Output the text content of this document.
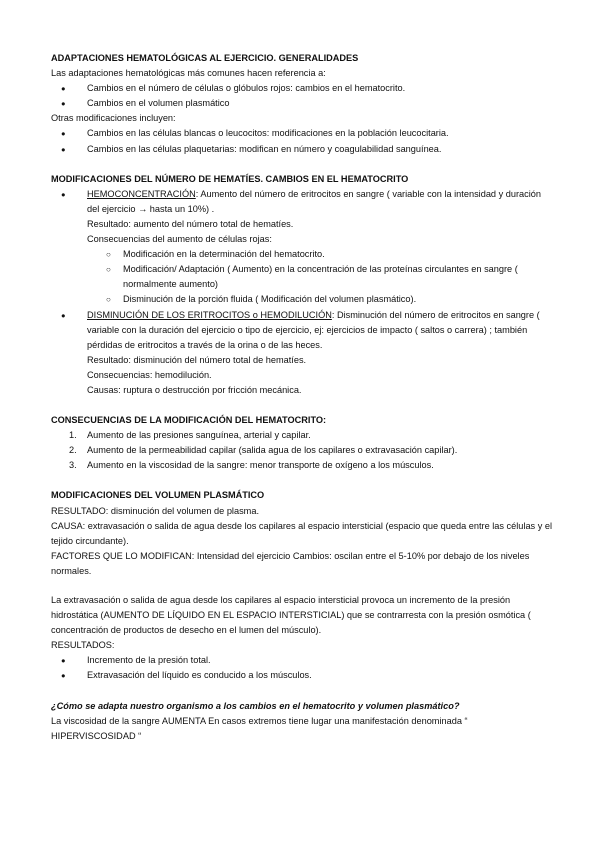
ADAPTACIONES HEMATOLÓGICAS AL EJERCICIO. GENERALIDADES

Las adaptaciones hematológicas más comunes hacen referencia a:

● Cambios en el número de células o glóbulos rojos: cambios en el hematocrito.
● Cambios en el volumen plasmático

Otras modificaciones incluyen:

● Cambios en las células blancas o leucocitos: modificaciones en la población leucocitaria.
● Cambios en las células plaquetarias: modifican en número y coagulabilidad sanguínea.

MODIFICACIONES DEL NÚMERO DE HEMATÍES. CAMBIOS EN EL HEMATOCRITO

● HEMOCONCENTRACIÓN: Aumento del número de eritrocitos en sangre ( variable con la intensidad y duración del ejercicio → hasta un 10%) .
Resultado: aumento del número total de hematíes.
Consecuencias del aumento de células rojas:
○ Modificación en la determinación del hematocrito.
○ Modificación/ Adaptación ( Aumento) en la concentración de las proteínas circulantes en sangre ( normalmente aumento)
○ Disminución de la porción fluida ( Modificación del volumen plasmático).
● DISMINUCIÓN DE LOS ERITROCITOS o HEMODILUCIÓN: Disminución del número de eritrocitos en sangre ( variable con la duración del ejercicio o tipo de ejercicio, ej: ejercicios de impacto ( saltos o carrera) ; también pérdidas de eritrocitos a través de la orina o de las heces.
Resultado: disminución del número total de hematíes.
Consecuencias: hemodilución.
Causas: ruptura o destrucción por fricción mecánica.

CONSECUENCIAS DE LA MODIFICACIÓN DEL HEMATOCRITO:

1. Aumento de las presiones sanguínea, arterial y capilar.
2. Aumento de la permeabilidad capilar (salida agua de los capilares o extravasación capilar).
3. Aumento en la viscosidad de la sangre: menor transporte de oxígeno a los músculos.

MODIFICACIONES DEL VOLUMEN PLASMÁTICO

RESULTADO: disminución del volumen de plasma.

CAUSA: extravasación o salida de agua desde los capilares al espacio intersticial (espacio que queda entre las células y el tejido circundante).

FACTORES QUE LO MODIFICAN: Intensidad del ejercicio Cambios: oscilan entre el 5-10% por debajo de los niveles normales.

La extravasación o salida de agua desde los capilares al espacio intersticial provoca un incremento de la presión hidrostática (AUMENTO DE LÍQUIDO EN EL ESPACIO INTERSTICIAL) que se contrarresta con la presión osmótica ( concentración de productos de desecho en el lumen del músculo).

RESULTADOS:

● Incremento de la presión total.
● Extravasación del líquido es conducido a los músculos.

¿Cómo se adapta nuestro organismo a los cambios en el hematocrito y volumen plasmático?

La viscosidad de la sangre AUMENTA En casos extremos tiene lugar una manifestación denominada “ HIPERVISCOSIDAD “
